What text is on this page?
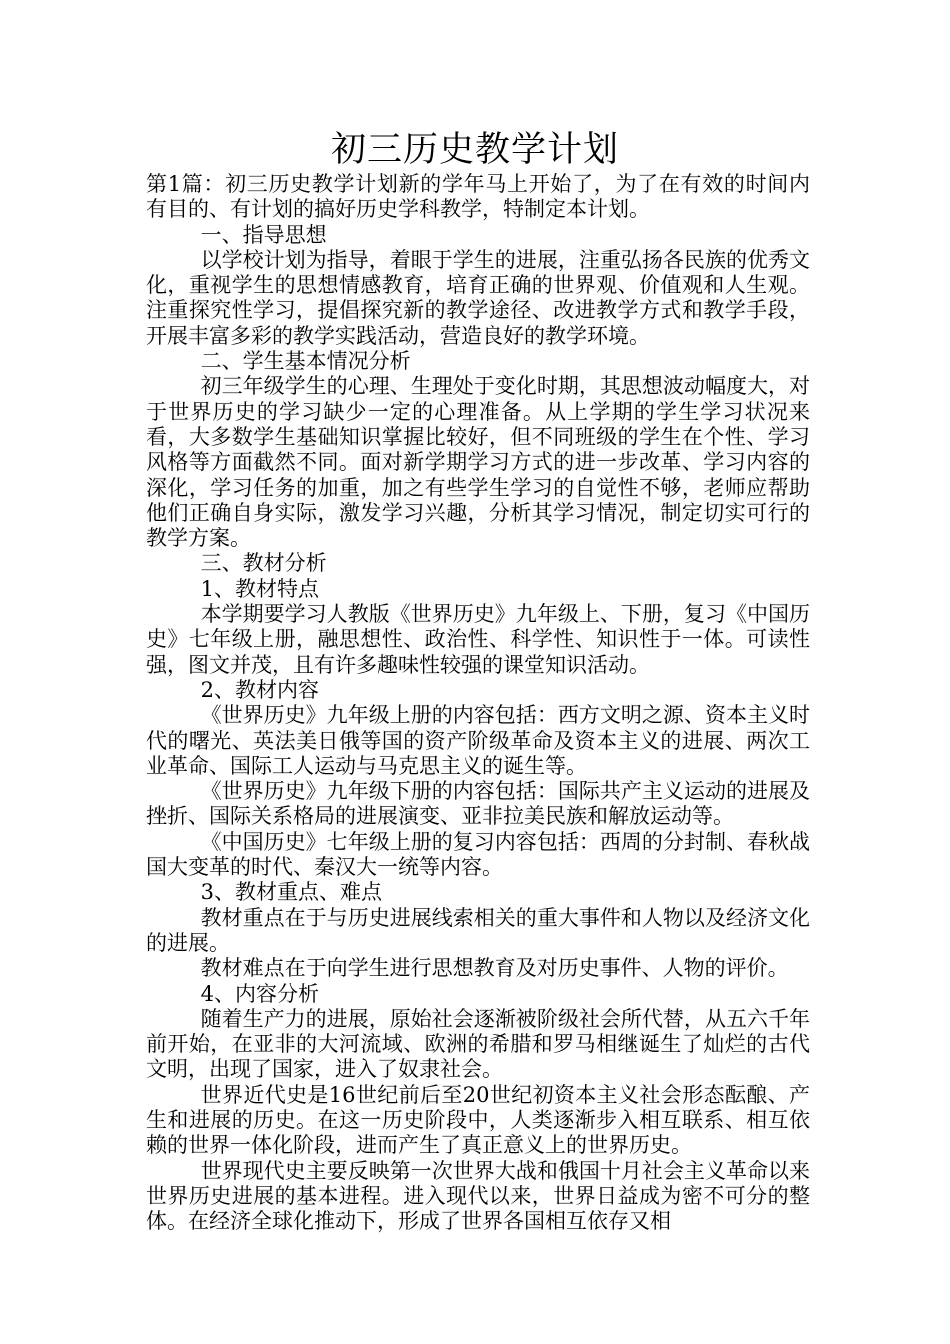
初三历史教学计划

第1篇：初三历史教学计划新的学年马上开始了，为了在有效的时间内有目的、有计划的搞好历史学科教学，特制定本计划。

一、指导思想

以学校计划为指导，着眼于学生的进展，注重弘扬各民族的优秀文化，重视学生的思想情感教育，培育正确的世界观、价值观和人生观。注重探究性学习，提倡探究新的教学途径、改进教学方式和教学手段，开展丰富多彩的教学实践活动，营造良好的教学环境。

二、学生基本情况分析

初三年级学生的心理、生理处于变化时期，其思想波动幅度大，对于世界历史的学习缺少一定的心理准备。从上学期的学生学习状况来看，大多数学生基础知识掌握比较好，但不同班级的学生在个性、学习风格等方面截然不同。面对新学期学习方式的进一步改革、学习内容的深化，学习任务的加重，加之有些学生学习的自觉性不够，老师应帮助他们正确自身实际，激发学习兴趣，分析其学习情况，制定切实可行的教学方案。

三、教材分析

1、教材特点

本学期要学习人教版《世界历史》九年级上、下册，复习《中国历史》七年级上册，融思想性、政治性、科学性、知识性于一体。可读性强，图文并茂，且有许多趣味性较强的课堂知识活动。

2、教材内容

《世界历史》九年级上册的内容包括：西方文明之源、资本主义时代的曙光、英法美日俄等国的资产阶级革命及资本主义的进展、两次工业革命、国际工人运动与马克思主义的诞生等。

《世界历史》九年级下册的内容包括：国际共产主义运动的进展及挫折、国际关系格局的进展演变、亚非拉美民族和解放运动等。

《中国历史》七年级上册的复习内容包括：西周的分封制、春秋战国大变革的时代、秦汉大一统等内容。

3、教材重点、难点

教材重点在于与历史进展线索相关的重大事件和人物以及经济文化的进展。

教材难点在于向学生进行思想教育及对历史事件、人物的评价。

4、内容分析

随着生产力的进展，原始社会逐渐被阶级社会所代替，从五六千年前开始，在亚非的大河流域、欧洲的希腊和罗马相继诞生了灿烂的古代文明，出现了国家，进入了奴隶社会。

世界近代史是16世纪前后至20世纪初资本主义社会形态酝酿、产生和进展的历史。在这一历史阶段中，人类逐渐步入相互联系、相互依赖的世界一体化阶段，进而产生了真正意义上的世界历史。

世界现代史主要反映第一次世界大战和俄国十月社会主义革命以来世界历史进展的基本进程。进入现代以来，世界日益成为密不可分的整体。在经济全球化推动下，形成了世界各国相互依存又相
